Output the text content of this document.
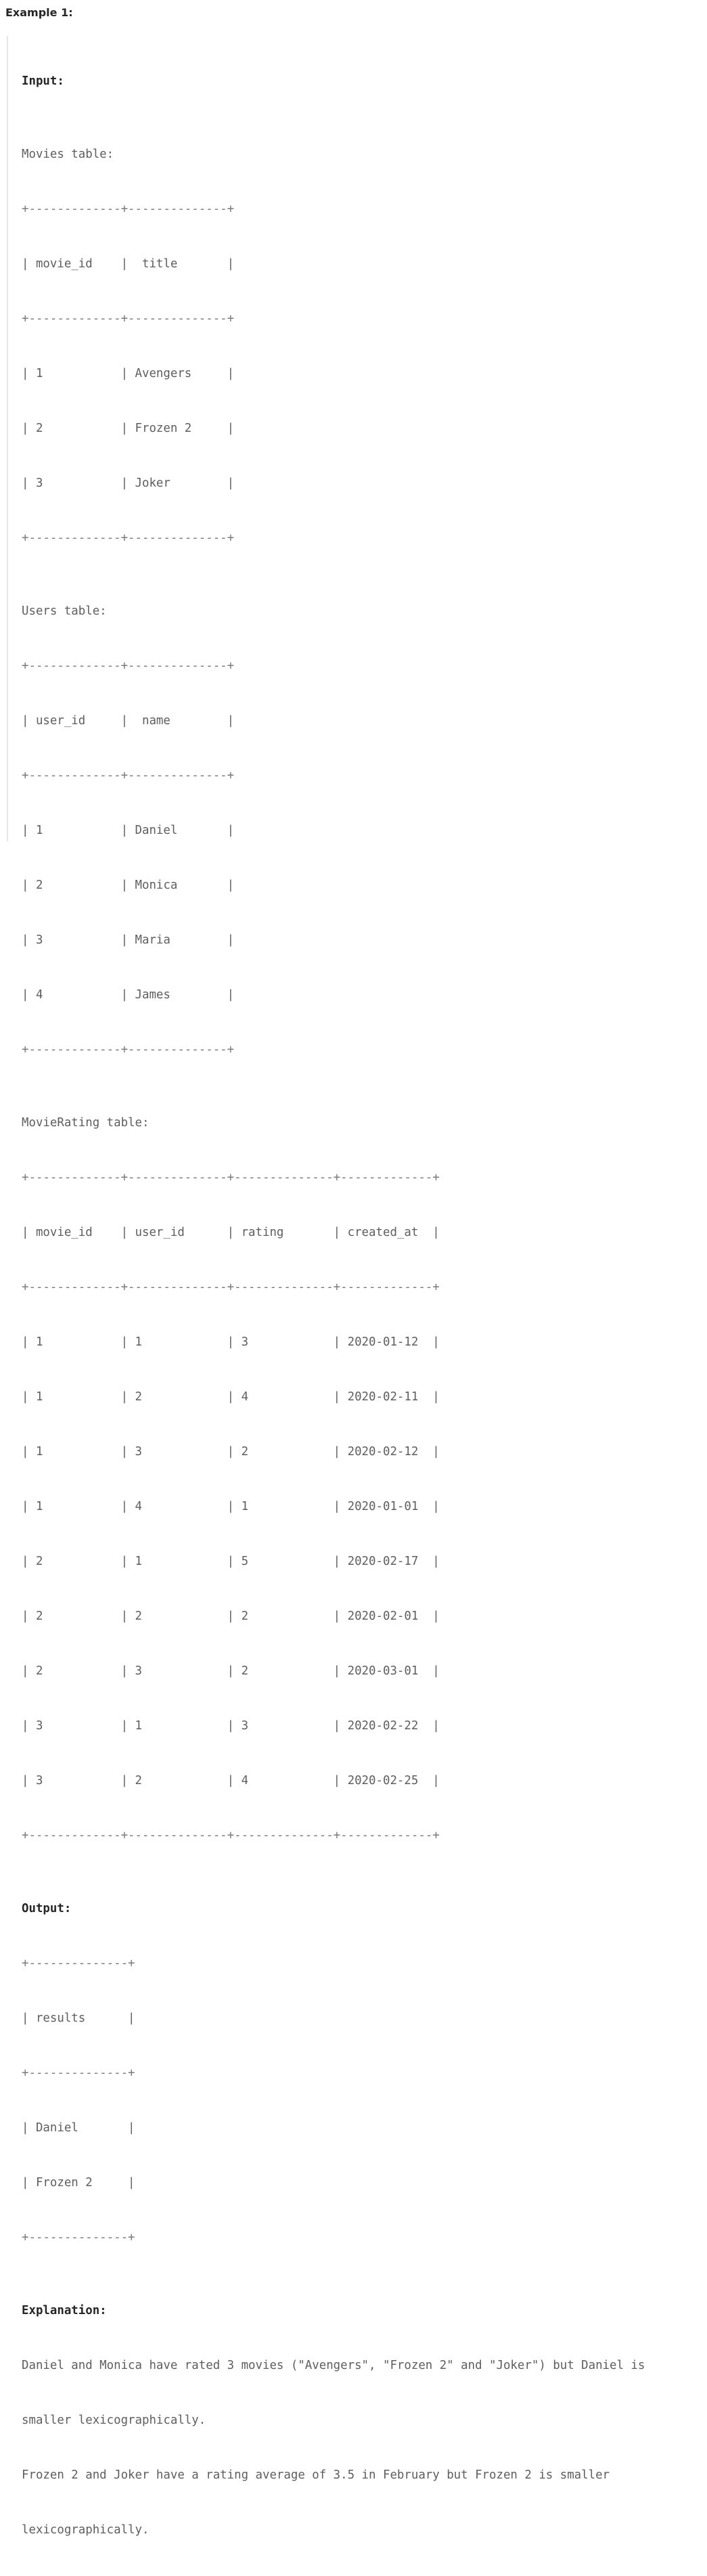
Example 1:

Input:

Movies table:

+-------------+--------------+

| movie_id    |  title       |

+-------------+--------------+

| 1           | Avengers     |

| 2           | Frozen 2     |

| 3           | Joker        |

+-------------+--------------+

Users table:

+-------------+--------------+

| user_id     |  name        |

+-------------+--------------+

| 1           | Daniel       |

| 2           | Monica       |

| 3           | Maria        |

| 4           | James        |

+-------------+--------------+

MovieRating table:

+-------------+--------------+--------------+-------------+

| movie_id    | user_id      | rating       | created_at  |

+-------------+--------------+--------------+-------------+

| 1           | 1            | 3            | 2020-01-12  |

| 1           | 2            | 4            | 2020-02-11  |

| 1           | 3            | 2            | 2020-02-12  |

| 1           | 4            | 1            | 2020-01-01  |

| 2           | 1            | 5            | 2020-02-17  |

| 2           | 2            | 2            | 2020-02-01  |

| 2           | 3            | 2            | 2020-03-01  |

| 3           | 1            | 3            | 2020-02-22  |

| 3           | 2            | 4            | 2020-02-25  |

+-------------+--------------+--------------+-------------+

Output:

+--------------+

| results      |

+--------------+

| Daniel       |

| Frozen 2     |

+--------------+

Explanation:

Daniel and Monica have rated 3 movies ("Avengers", "Frozen 2" and "Joker") but Daniel is

smaller lexicographically.

Frozen 2 and Joker have a rating average of 3.5 in February but Frozen 2 is smaller

lexicographically.
